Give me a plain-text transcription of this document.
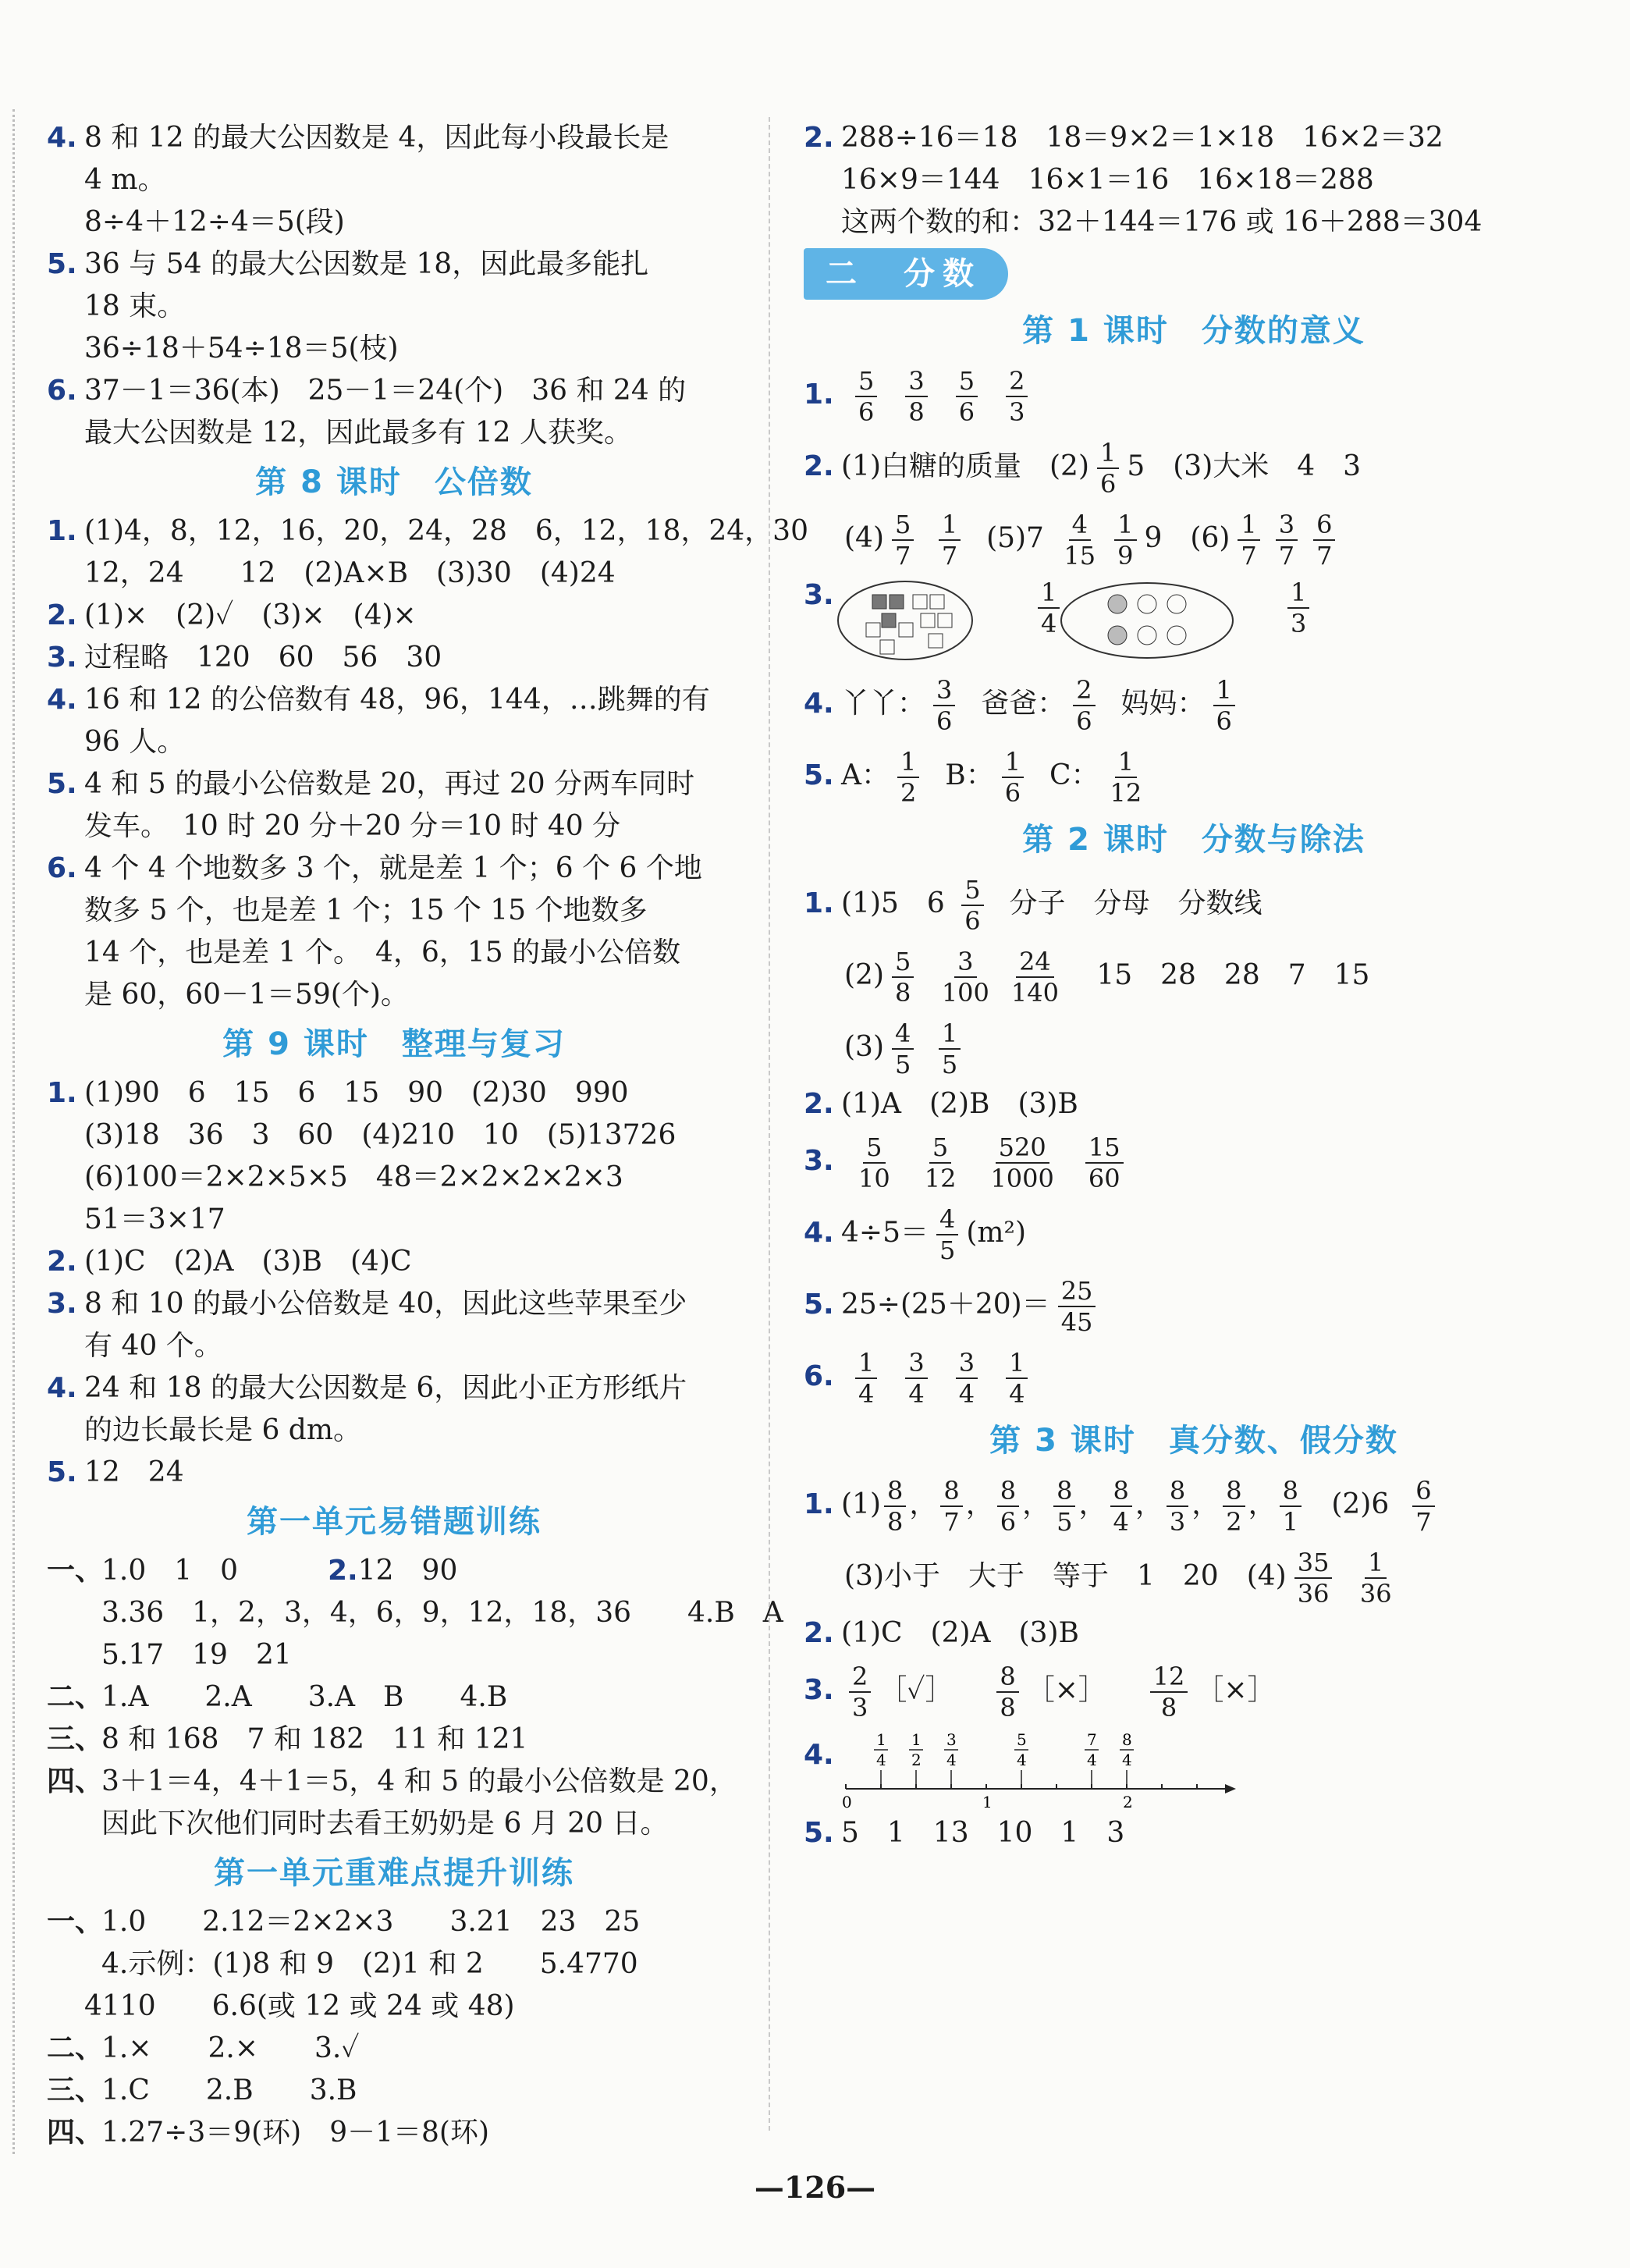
4. 8 和 12 的最大公因数是 4，因此每小段最长是
4 m。
8÷4＋12÷4＝5(段)
5. 36 与 54 的最大公因数是 18，因此最多能扎
18 束。
36÷18＋54÷18＝5(枝)
6. 37－1＝36(本)　25－1＝24(个)　36 和 24 的
最大公因数是 12，因此最多有 12 人获奖。
第 8 课时　公倍数
1. (1)4，8，12，16，20，24，28　6，12，18，24，30
12，24　　12　(2)A×B　(3)30　(4)24
2. (1)×　(2)✓　(3)×　(4)×
3. 过程略　120　60　56　30
4. 16 和 12 的公倍数有 48，96，144，…跳舞的有
96 人。
5. 4 和 5 的最小公倍数是 20，再过 20 分两车同时
发车。　10 时 20 分＋20 分＝10 时 40 分
6. 4 个 4 个地数多 3 个，就是差 1 个；6 个 6 个地
数多 5 个，也是差 1 个；15 个 15 个地数多
14 个，也是差 1 个。　4，6，15 的最小公倍数
是 60，60－1＝59(个)。
第 9 课时　整理与复习
1. (1)90　6　15　6　15　90　(2)30　990
(3)18　36　3　60　(4)210　10　(5)13726
(6)100＝2×2×5×5　48＝2×2×2×2×3
51＝3×17
2. (1)C　(2)A　(3)B　(4)C
3. 8 和 10 的最小公倍数是 40，因此这些苹果至少
有 40 个。
4. 24 和 18 的最大公因数是 6，因此小正方形纸片
的边长最长是 6 dm。
5. 12　24
第一单元易错题训练
一、
1.0　1　0　　 2.12　90
3.36　1，2，3，4，6，9，12，18，36　　4.B　A
5.17　19　21
二、
1.A　　2.A　　3.A　B　　4.B
三、
8 和 168　7 和 182　11 和 121
四、
3＋1＝4，4＋1＝5，4 和 5 的最小公倍数是 20，
因此下次他们同时去看王奶奶是 6 月 20 日。
第一单元重难点提升训练
一、
1.0　　2.12＝2×2×3　　3.21　23　25
4.示例：(1)8 和 9　(2)1 和 2　　5.4770
4110　　6.6(或 12 或 24 或 48)
二、
1.×　　2.×　　3.✓
三、
1.C　　2.B　　3.B
四、
1.27÷3＝9(环)　9－1＝8(环)
2. 288÷16＝18　18＝9×2＝1×18　16×2＝32
16×9＝144　16×1＝16　16×18＝288
这两个数的和：32＋144＝176 或 16＋288＝304
二　分数
第 1 课时　分数的意义
1. $\frac{5}{6} \frac{3}{8} \frac{5}{6} \frac{2}{3}$
2. (1)白糖的质量　$(2) \frac{1}{6} 5$　(3)大米　4　3
$(4) \frac{5}{7}$
$\frac{1}{7} (5)7 \frac{4}{15} \frac{1}{9} 9$　$(6) \frac{1}{7} \frac{3}{7} \frac{6}{7}$
3.	$\frac{1}{4}$	$\frac{1}{3}$
4. 丫丫： $\frac{3}{6}$ 爸爸： $\frac{2}{6}$ 妈妈： $\frac{1}{6}$
5. A： $\frac{1}{2}$ B： $\frac{1}{6}$ C： $\frac{1}{12}$
第 2 课时　分数与除法
1. (1)5　$6 \frac{5}{6}$ 分子　分母　分数线
$(2) \frac{5}{8}$
$\frac{3}{100} \frac{24}{140} 15$　28　28　7　15
$(3) \frac{4}{5}$
$\frac{1}{5}$
2. (1)A　(2)B　(3)B
3. $\frac{5}{10} \frac{5}{12} \frac{520}{1000} \frac{15}{60}$
4. $4\div 5= \frac{4}{5} (m^2)$
5. $25\div(25+20)= \frac{25}{45}$
6. $\frac{1}{4} \frac{3}{4} \frac{3}{4} \frac{1}{4}$
第 3 课时　真分数、假分数
1. $(1) \frac{8}{8}$ ， $\frac{8}{7}$ ， $\frac{8}{6}$ ， $\frac{8}{5}$ ， $\frac{8}{4}$ ， $\frac{8}{3}$ ， $\frac{8}{2}$ ， $\frac{8}{1} (2)6 \frac{6}{7}$
(3)小于　大于　等于　1　20　$(4) \frac{35}{36}$
$\frac{1}{36}$
2. (1)C　(2)A　(3)B
3. $\frac{2}{3}$ ［✓］ $\frac{8}{8}$ ［×］ $\frac{12}{8}$ ［×］
4.
0	1	2
1
4
1
2
3
4
5
4
7
4
8
4
5. 5　1　13　10　1　3
—126—
